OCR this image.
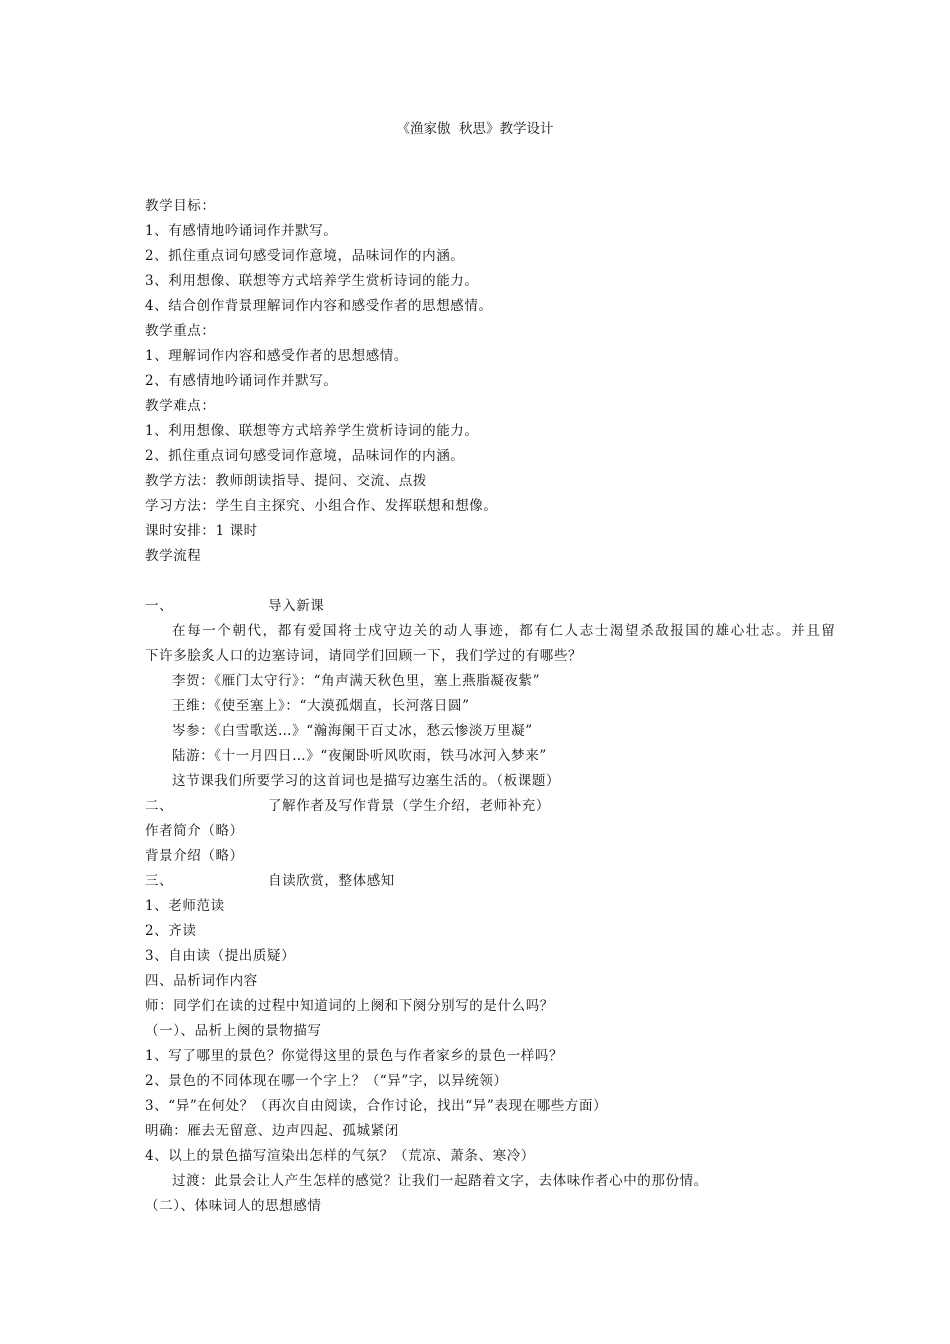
《渔家傲  秋思》教学设计
教学目标：
1、有感情地吟诵词作并默写。
2、抓住重点词句感受词作意境，品味词作的内涵。
3、利用想像、联想等方式培养学生赏析诗词的能力。
4、结合创作背景理解词作内容和感受作者的思想感情。
教学重点：
1、理解词作内容和感受作者的思想感情。
2、有感情地吟诵词作并默写。
教学难点：
1、利用想像、联想等方式培养学生赏析诗词的能力。
2、抓住重点词句感受词作意境，品味词作的内涵。
教学方法：教师朗读指导、提问、交流、点拨
学习方法：学生自主探究、小组合作、发挥联想和想像。
课时安排：1 课时
教学流程
一、	导入新课
在每一个朝代，都有爱国将士戍守边关的动人事迹，都有仁人志士渴望杀敌报国的雄心壮志。并且留
下许多脍炙人口的边塞诗词，请同学们回顾一下，我们学过的有哪些？
李贺：《雁门太守行》：“角声满天秋色里，塞上燕脂凝夜紫”
王维：《使至塞上》：“大漠孤烟直，长河落日圆”
岑参：《白雪歌送…》“瀚海阑干百丈冰，愁云惨淡万里凝”
陆游：《十一月四日…》“夜阑卧听风吹雨，铁马冰河入梦来”
这节课我们所要学习的这首词也是描写边塞生活的。（板课题）
二、	了解作者及写作背景（学生介绍，老师补充）
作者简介（略）
背景介绍（略）
三、	自读欣赏，整体感知
1、老师范读
2、齐读
3、自由读（提出质疑）
四、品析词作内容
师：同学们在读的过程中知道词的上阕和下阕分别写的是什么吗？
（一）、品析上阕的景物描写
1、写了哪里的景色？你觉得这里的景色与作者家乡的景色一样吗？
2、景色的不同体现在哪一个字上？（“异”字，以异统领）
3、“异”在何处？（再次自由阅读，合作讨论，找出“异”表现在哪些方面）
明确：雁去无留意、边声四起、孤城紧闭
4、以上的景色描写渲染出怎样的气氛？（荒凉、萧条、寒冷）
过渡：此景会让人产生怎样的感觉？让我们一起踏着文字，去体味作者心中的那份情。
（二）、体味词人的思想感情
